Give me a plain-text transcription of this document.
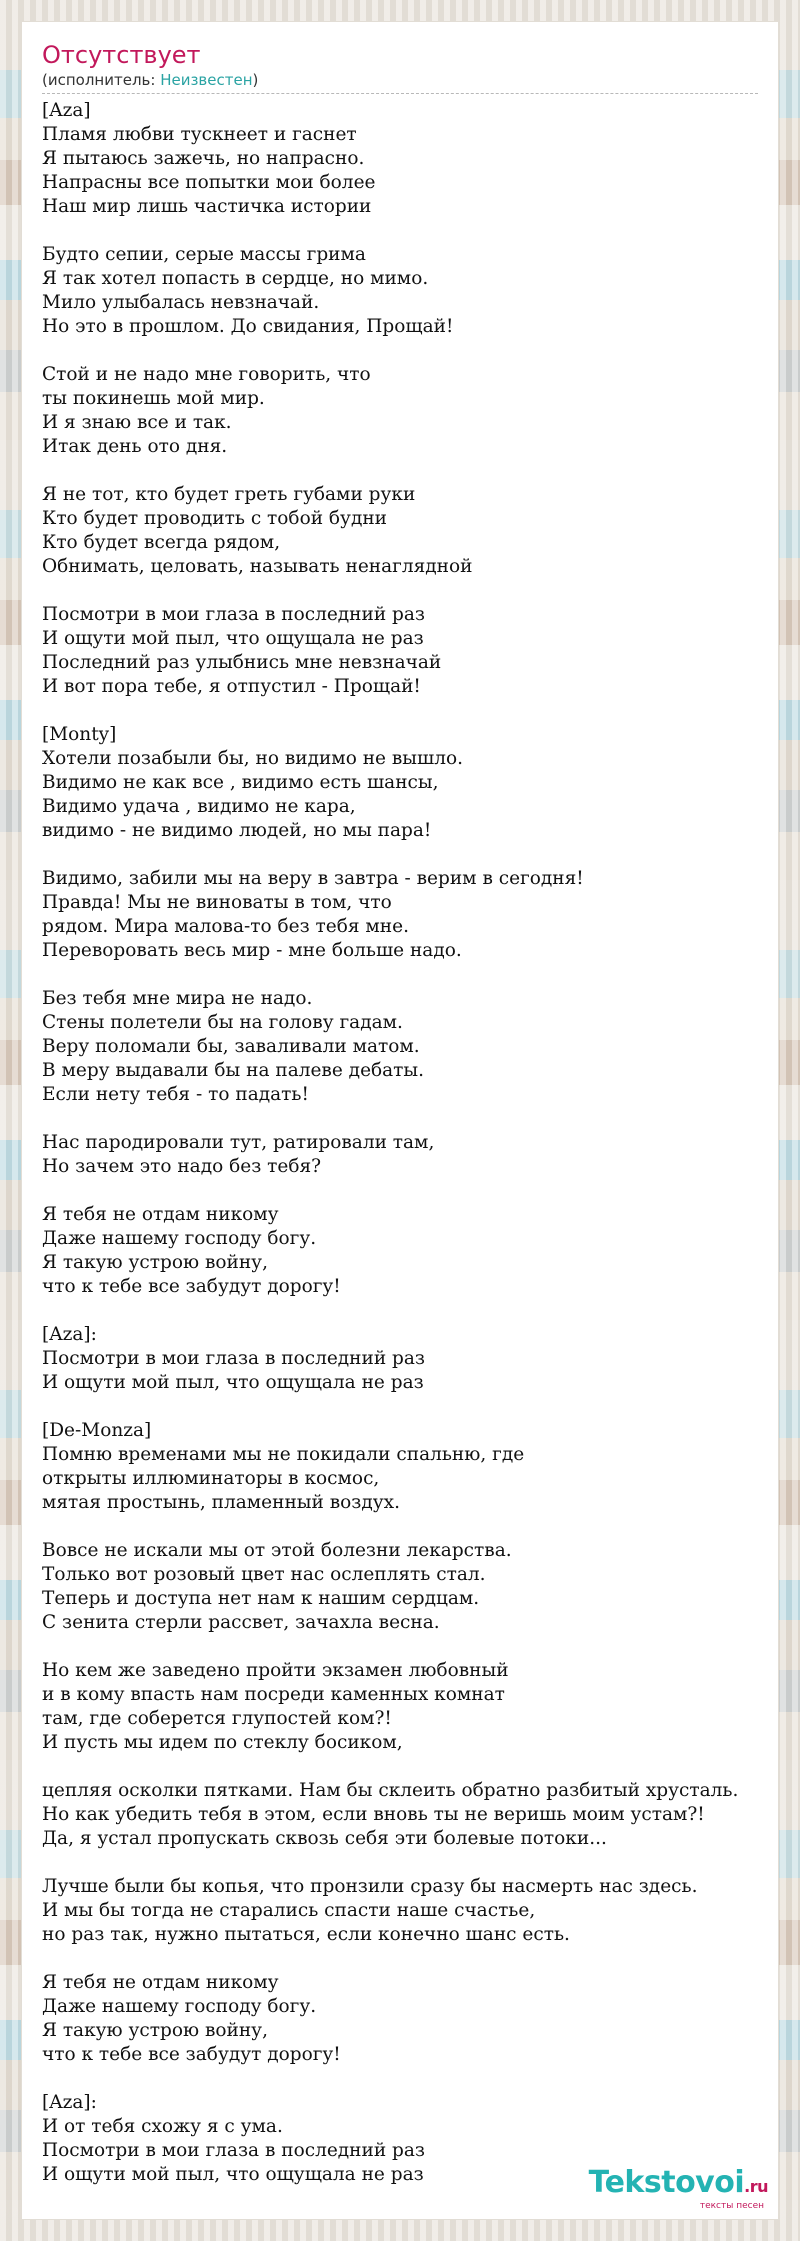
Отсутствует
(исполнитель: Неизвестен)
[Aza]
Пламя любви тускнеет и гаснет
Я пытаюсь зажечь, но напрасно.
Напрасны все попытки мои более
Наш мир лишь частичка истории
Будто сепии, серые массы грима
Я так хотел попасть в сердце, но мимо.
Мило улыбалась невзначай.
Но это в прошлом. До свидания, Прощай!
Стой и не надо мне говорить, что
ты покинешь мой мир.
И я знаю все и так.
Итак день ото дня.
Я не тот, кто будет греть губами руки
Кто будет проводить с тобой будни
Кто будет всегда рядом,
Обнимать, целовать, называть ненаглядной
Посмотри в мои глаза в последний раз
И ощути мой пыл, что ощущала не раз
Последний раз улыбнись мне невзначай
И вот пора тебе, я отпустил - Прощай!
[Monty]
Хотели позабыли бы, но видимо не вышло.
Видимо не как все , видимо есть шансы,
Видимо удача , видимо не кара,
видимо - не видимо людей, но мы пара!
Видимо, забили мы на веру в завтра - верим в сегодня!
Правда! Мы не виноваты в том, что
рядом. Мира малова-то без тебя мне.
Переворовать весь мир - мне больше надо.
Без тебя мне мира не надо.
Стены полетели бы на голову гадам.
Веру поломали бы, заваливали матом.
В меру выдавали бы на палеве дебаты.
Если нету тебя - то падать!
Нас пародировали тут, ратировали там,
Но зачем это надо без тебя?
Я тебя не отдам никому
Даже нашему господу богу.
Я такую устрою войну,
что к тебе все забудут дорогу!
[Aza]:
Посмотри в мои глаза в последний раз
И ощути мой пыл, что ощущала не раз
[De-Monza]
Помню временами мы не покидали спальню, где
открыты иллюминаторы в космос,
мятая простынь, пламенный воздух.
Вовсе не искали мы от этой болезни лекарства.
Только вот розовый цвет нас ослеплять стал.
Теперь и доступа нет нам к нашим сердцам.
С зенита стерли рассвет, зачахла весна.
Но кем же заведено пройти экзамен любовный
и в кому впасть нам посреди каменных комнат
там, где соберется глупостей ком?!
И пусть мы идем по стеклу босиком,
цепляя осколки пятками. Нам бы склеить обратно разбитый хрусталь.
Но как убедить тебя в этом, если вновь ты не веришь моим устам?!
Да, я устал пропускать сквозь себя эти болевые потоки...
Лучше были бы копья, что пронзили сразу бы насмерть нас здесь.
И мы бы тогда не старались спасти наше счастье,
но раз так, нужно пытаться, если конечно шанс есть.
Я тебя не отдам никому
Даже нашему господу богу.
Я такую устрою войну,
что к тебе все забудут дорогу!
[Aza]:
И от тебя схожу я с ума.
Посмотри в мои глаза в последний раз
И ощути мой пыл, что ощущала не раз	Tekstovoi.ru
тексты песен
